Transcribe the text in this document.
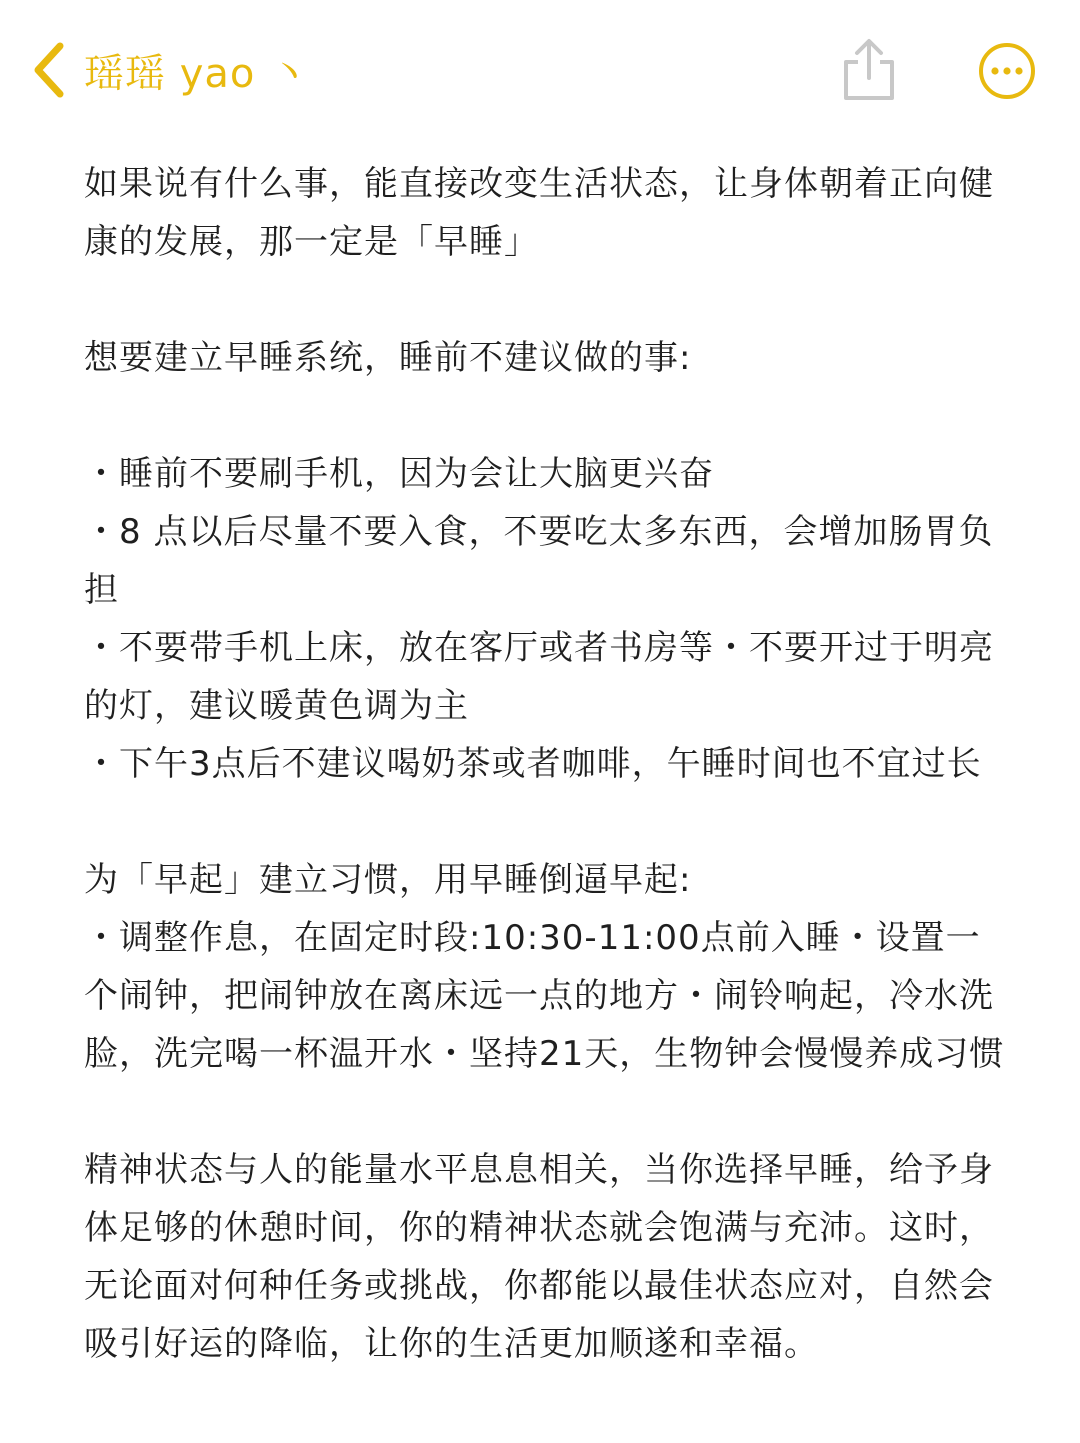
瑶瑶 yao 丶

如果说有什么事，能直接改变生活状态，让身体朝着正向健康的发展，那一定是「早睡」

想要建立早睡系统，睡前不建议做的事:

・睡前不要刷手机，因为会让大脑更兴奋

・8 点以后尽量不要入食，不要吃太多东西，会增加肠胃负担

・不要带手机上床，放在客厅或者书房等・不要开过于明亮的灯，建议暖黄色调为主

・下午3点后不建议喝奶茶或者咖啡，午睡时间也不宜过长

为「早起」建立习惯，用早睡倒逼早起:

・调整作息，在固定时段:10:30-11:00点前入睡・设置一个闹钟，把闹钟放在离床远一点的地方・闹铃响起，冷水洗脸，洗完喝一杯温开水・坚持21天，生物钟会慢慢养成习惯

精神状态与人的能量水平息息相关，当你选择早睡，给予身体足够的休憩时间，你的精神状态就会饱满与充沛。这时，无论面对何种任务或挑战，你都能以最佳状态应对，自然会吸引好运的降临，让你的生活更加顺遂和幸福。
